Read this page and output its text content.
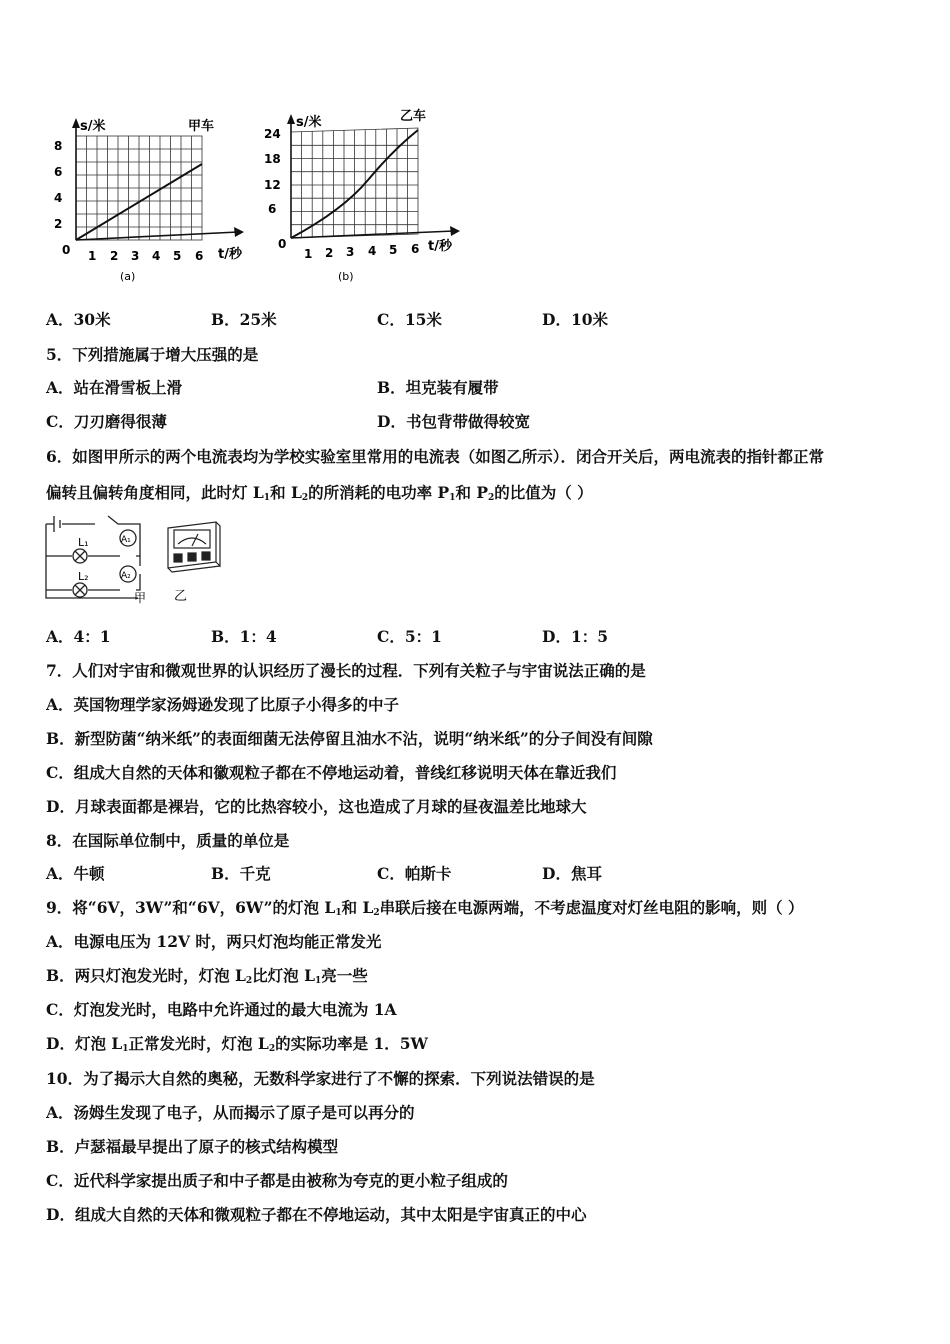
s/米	甲车
8
6
4
2
0 1 2 3 4 5 6 t/秒
(a)
s/米	乙车
24
18
12
6
0
1 2 3 4 5 6 t/秒
(b)
A．30米	B．25米	C．15米	D．10米
5．下列措施属于增大压强的是
A．站在滑雪板上滑	B．坦克装有履带
C．刀刃磨得很薄	D．书包背带做得较宽
6．如图甲所示的两个电流表均为学校实验室里常用的电流表（如图乙所示）．闭合开关后，两电流表的指针都正常
偏转且偏转角度相同，此时灯 $L_1$和 $L_2$的所消耗的电功率 $P_1$和 $P_2$的比值为（ ）
L₁
L₂
A₁
A₂
甲 乙
A．4：1	B．1：4	C．5：1	D．1：5
7．人们对宇宙和微观世界的认识经历了漫长的过程．下列有关粒子与宇宙说法正确的是
A．英国物理学家汤姆逊发现了比原子小得多的中子
B．新型防菌“纳米纸”的表面细菌无法停留且油水不沾，说明“纳米纸”的分子间没有间隙
C．组成大自然的天体和徽观粒子都在不停地运动着，普线红移说明天体在靠近我们
D．月球表面都是裸岩，它的比热容较小，这也造成了月球的昼夜温差比地球大
8．在国际单位制中，质量的单位是
A．牛顿	B．千克	C．帕斯卡	D．焦耳
9．将“6V，3W”和“6V，6W”的灯泡 $L_1$和 $L_2$串联后接在电源两端，不考虑温度对灯丝电阻的影响，则（ ）
A．电源电压为 12V 时，两只灯泡均能正常发光
B．两只灯泡发光时，灯泡 $L_2$比灯泡 $L_1$亮一些
C．灯泡发光时，电路中允许通过的最大电流为 1A
D．灯泡 $L_1$正常发光时，灯泡 $L_2$的实际功率是 1．5W
10．为了揭示大自然的奥秘，无数科学家进行了不懈的探索．下列说法错误的是
A．汤姆生发现了电子，从而揭示了原子是可以再分的
B．卢瑟福最早提出了原子的核式结构模型
C．近代科学家提出质子和中子都是由被称为夸克的更小粒子组成的
D．组成大自然的天体和微观粒子都在不停地运动，其中太阳是宇宙真正的中心
